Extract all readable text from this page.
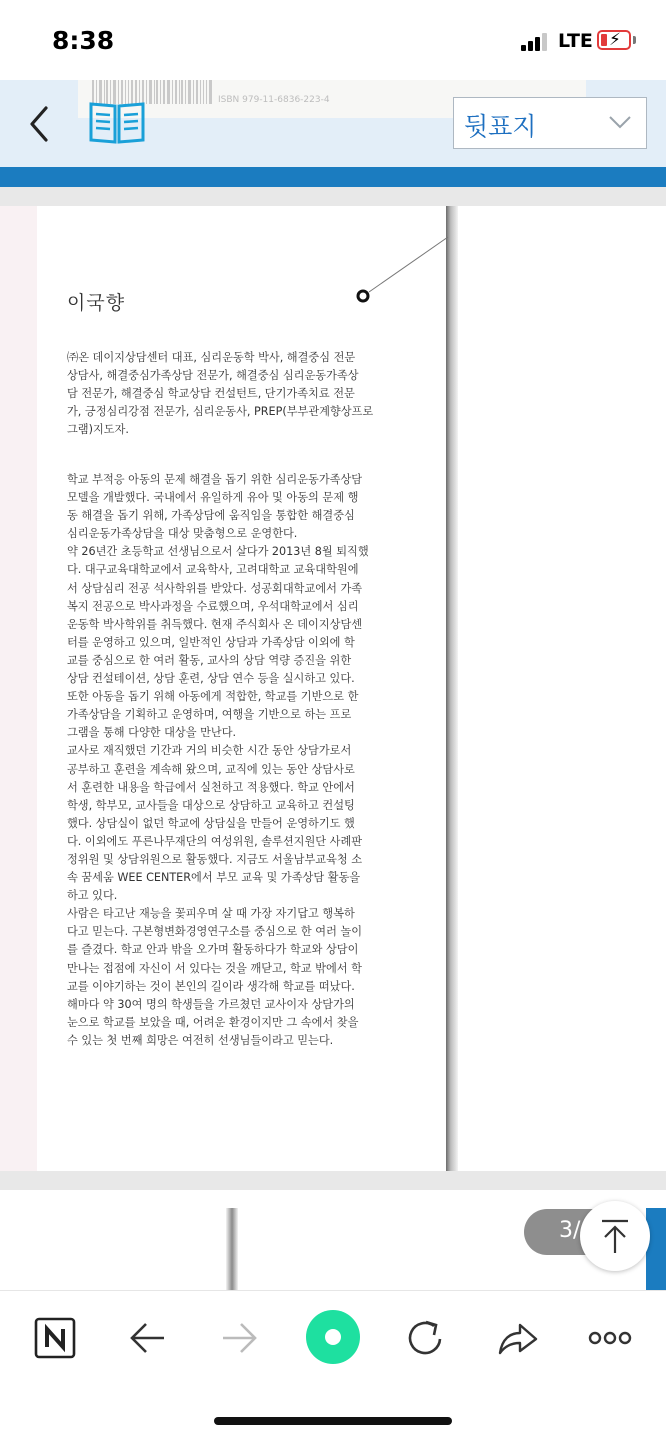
8:38	LTE ⚡
ISBN 979-11-6836-223-4
뒷표지
이국향
㈜온 데이지상담센터 대표, 심리운동학 박사, 해결중심 전문
상담사, 해결중심가족상담 전문가, 해결중심 심리운동가족상
담 전문가, 해결중심 학교상담 컨설턴트, 단기가족치료 전문
가, 긍정심리강점 전문가, 심리운동사, PREP(부부관계향상프로
그램)지도자.
학교 부적응 아동의 문제 해결을 돕기 위한 심리운동가족상담
모델을 개발했다. 국내에서 유일하게 유아 및 아동의 문제 행
동 해결을 돕기 위해, 가족상담에 움직임을 통합한 해결중심
심리운동가족상담을 대상 맞춤형으로 운영한다.
약 26년간 초등학교 선생님으로서 살다가 2013년 8월 퇴직했
다. 대구교육대학교에서 교육학사, 고려대학교 교육대학원에
서 상담심리 전공 석사학위를 받았다. 성공회대학교에서 가족
복지 전공으로 박사과정을 수료했으며, 우석대학교에서 심리
운동학 박사학위를 취득했다. 현재 주식회사 온 데이지상담센
터를 운영하고 있으며, 일반적인 상담과 가족상담 이외에 학
교를 중심으로 한 여러 활동, 교사의 상담 역량 증진을 위한
상담 컨설테이션, 상담 훈련, 상담 연수 등을 실시하고 있다.
또한 아동을 돕기 위해 아동에게 적합한, 학교를 기반으로 한
가족상담을 기획하고 운영하며, 여행을 기반으로 하는 프로
그램을 통해 다양한 대상을 만난다.
교사로 재직했던 기간과 거의 비슷한 시간 동안 상담가로서
공부하고 훈련을 계속해 왔으며, 교직에 있는 동안 상담사로
서 훈련한 내용을 학급에서 실천하고 적용했다. 학교 안에서
학생, 학부모, 교사들을 대상으로 상담하고 교육하고 컨설팅
했다. 상담실이 없던 학교에 상담실을 만들어 운영하기도 했
다. 이외에도 푸른나무재단의 여성위원, 솔루션지원단 사례판
정위원 및 상담위원으로 활동했다. 지금도 서울남부교육청 소
속 꿈세움 WEE CENTER에서 부모 교육 및 가족상담 활동을
하고 있다.
사람은 타고난 재능을 꽃피우며 살 때 가장 자기답고 행복하
다고 믿는다. 구본형변화경영연구소를 중심으로 한 여러 놀이
를 즐겼다. 학교 안과 밖을 오가며 활동하다가 학교와 상담이
만나는 접점에 자신이 서 있다는 것을 깨닫고, 학교 밖에서 학
교를 이야기하는 것이 본인의 길이라 생각해 학교를 떠났다.
해마다 약 30여 명의 학생들을 가르쳤던 교사이자 상담가의
눈으로 학교를 보았을 때, 어려운 환경이지만 그 속에서 찾을
수 있는 첫 번째 희망은 여전히 선생님들이라고 믿는다.
3/
